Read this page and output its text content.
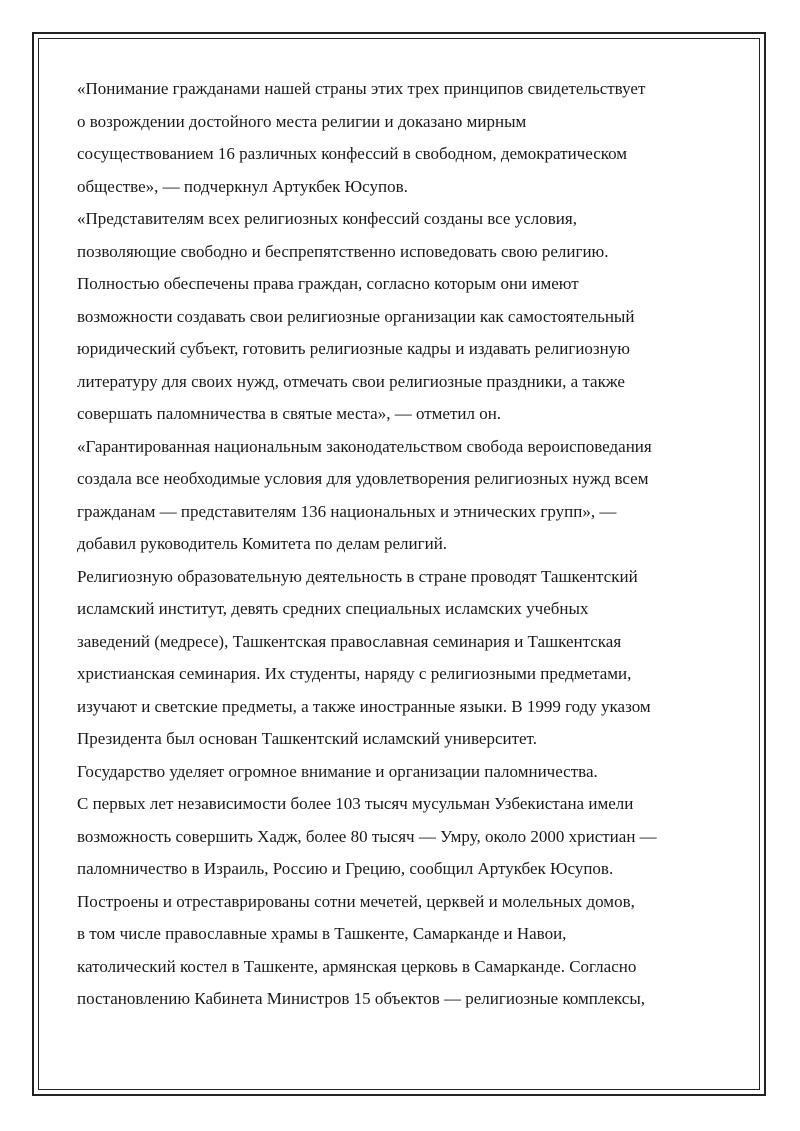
«Понимание гражданами нашей страны этих трех принципов свидетельствует
о возрождении достойного места религии и доказано мирным
сосуществованием 16 различных конфессий в свободном, демократическом
обществе», — подчеркнул Артукбек Юсупов.
«Представителям всех религиозных конфессий созданы все условия,
позволяющие свободно и беспрепятственно исповедовать свою религию.
Полностью обеспечены права граждан, согласно которым они имеют
возможности создавать свои религиозные организации как самостоятельный
юридический субъект, готовить религиозные кадры и издавать религиозную
литературу для своих нужд, отмечать свои религиозные праздники, а также
совершать паломничества в святые места», — отметил он.
«Гарантированная национальным законодательством свобода вероисповедания
создала все необходимые условия для удовлетворения религиозных нужд всем
гражданам — представителям 136 национальных и этнических групп», —
добавил руководитель Комитета по делам религий.
Религиозную образовательную деятельность в стране проводят Ташкентский
исламский институт, девять средних специальных исламских учебных
заведений (медресе), Ташкентская православная семинария и Ташкентская
христианская семинария. Их студенты, наряду с религиозными предметами,
изучают и светские предметы, а также иностранные языки. В 1999 году указом
Президента был основан Ташкентский исламский университет.
Государство уделяет огромное внимание и организации паломничества.
С первых лет независимости более 103 тысяч мусульман Узбекистана имели
возможность совершить Хадж, более 80 тысяч — Умру, около 2000 христиан —
паломничество в Израиль, Россию и Грецию, сообщил Артукбек Юсупов.
Построены и отреставрированы сотни мечетей, церквей и молельных домов,
в том числе православные храмы в Ташкенте, Самарканде и Навои,
католический костел в Ташкенте, армянская церковь в Самарканде. Согласно
постановлению Кабинета Министров 15 объектов — религиозные комплексы,
